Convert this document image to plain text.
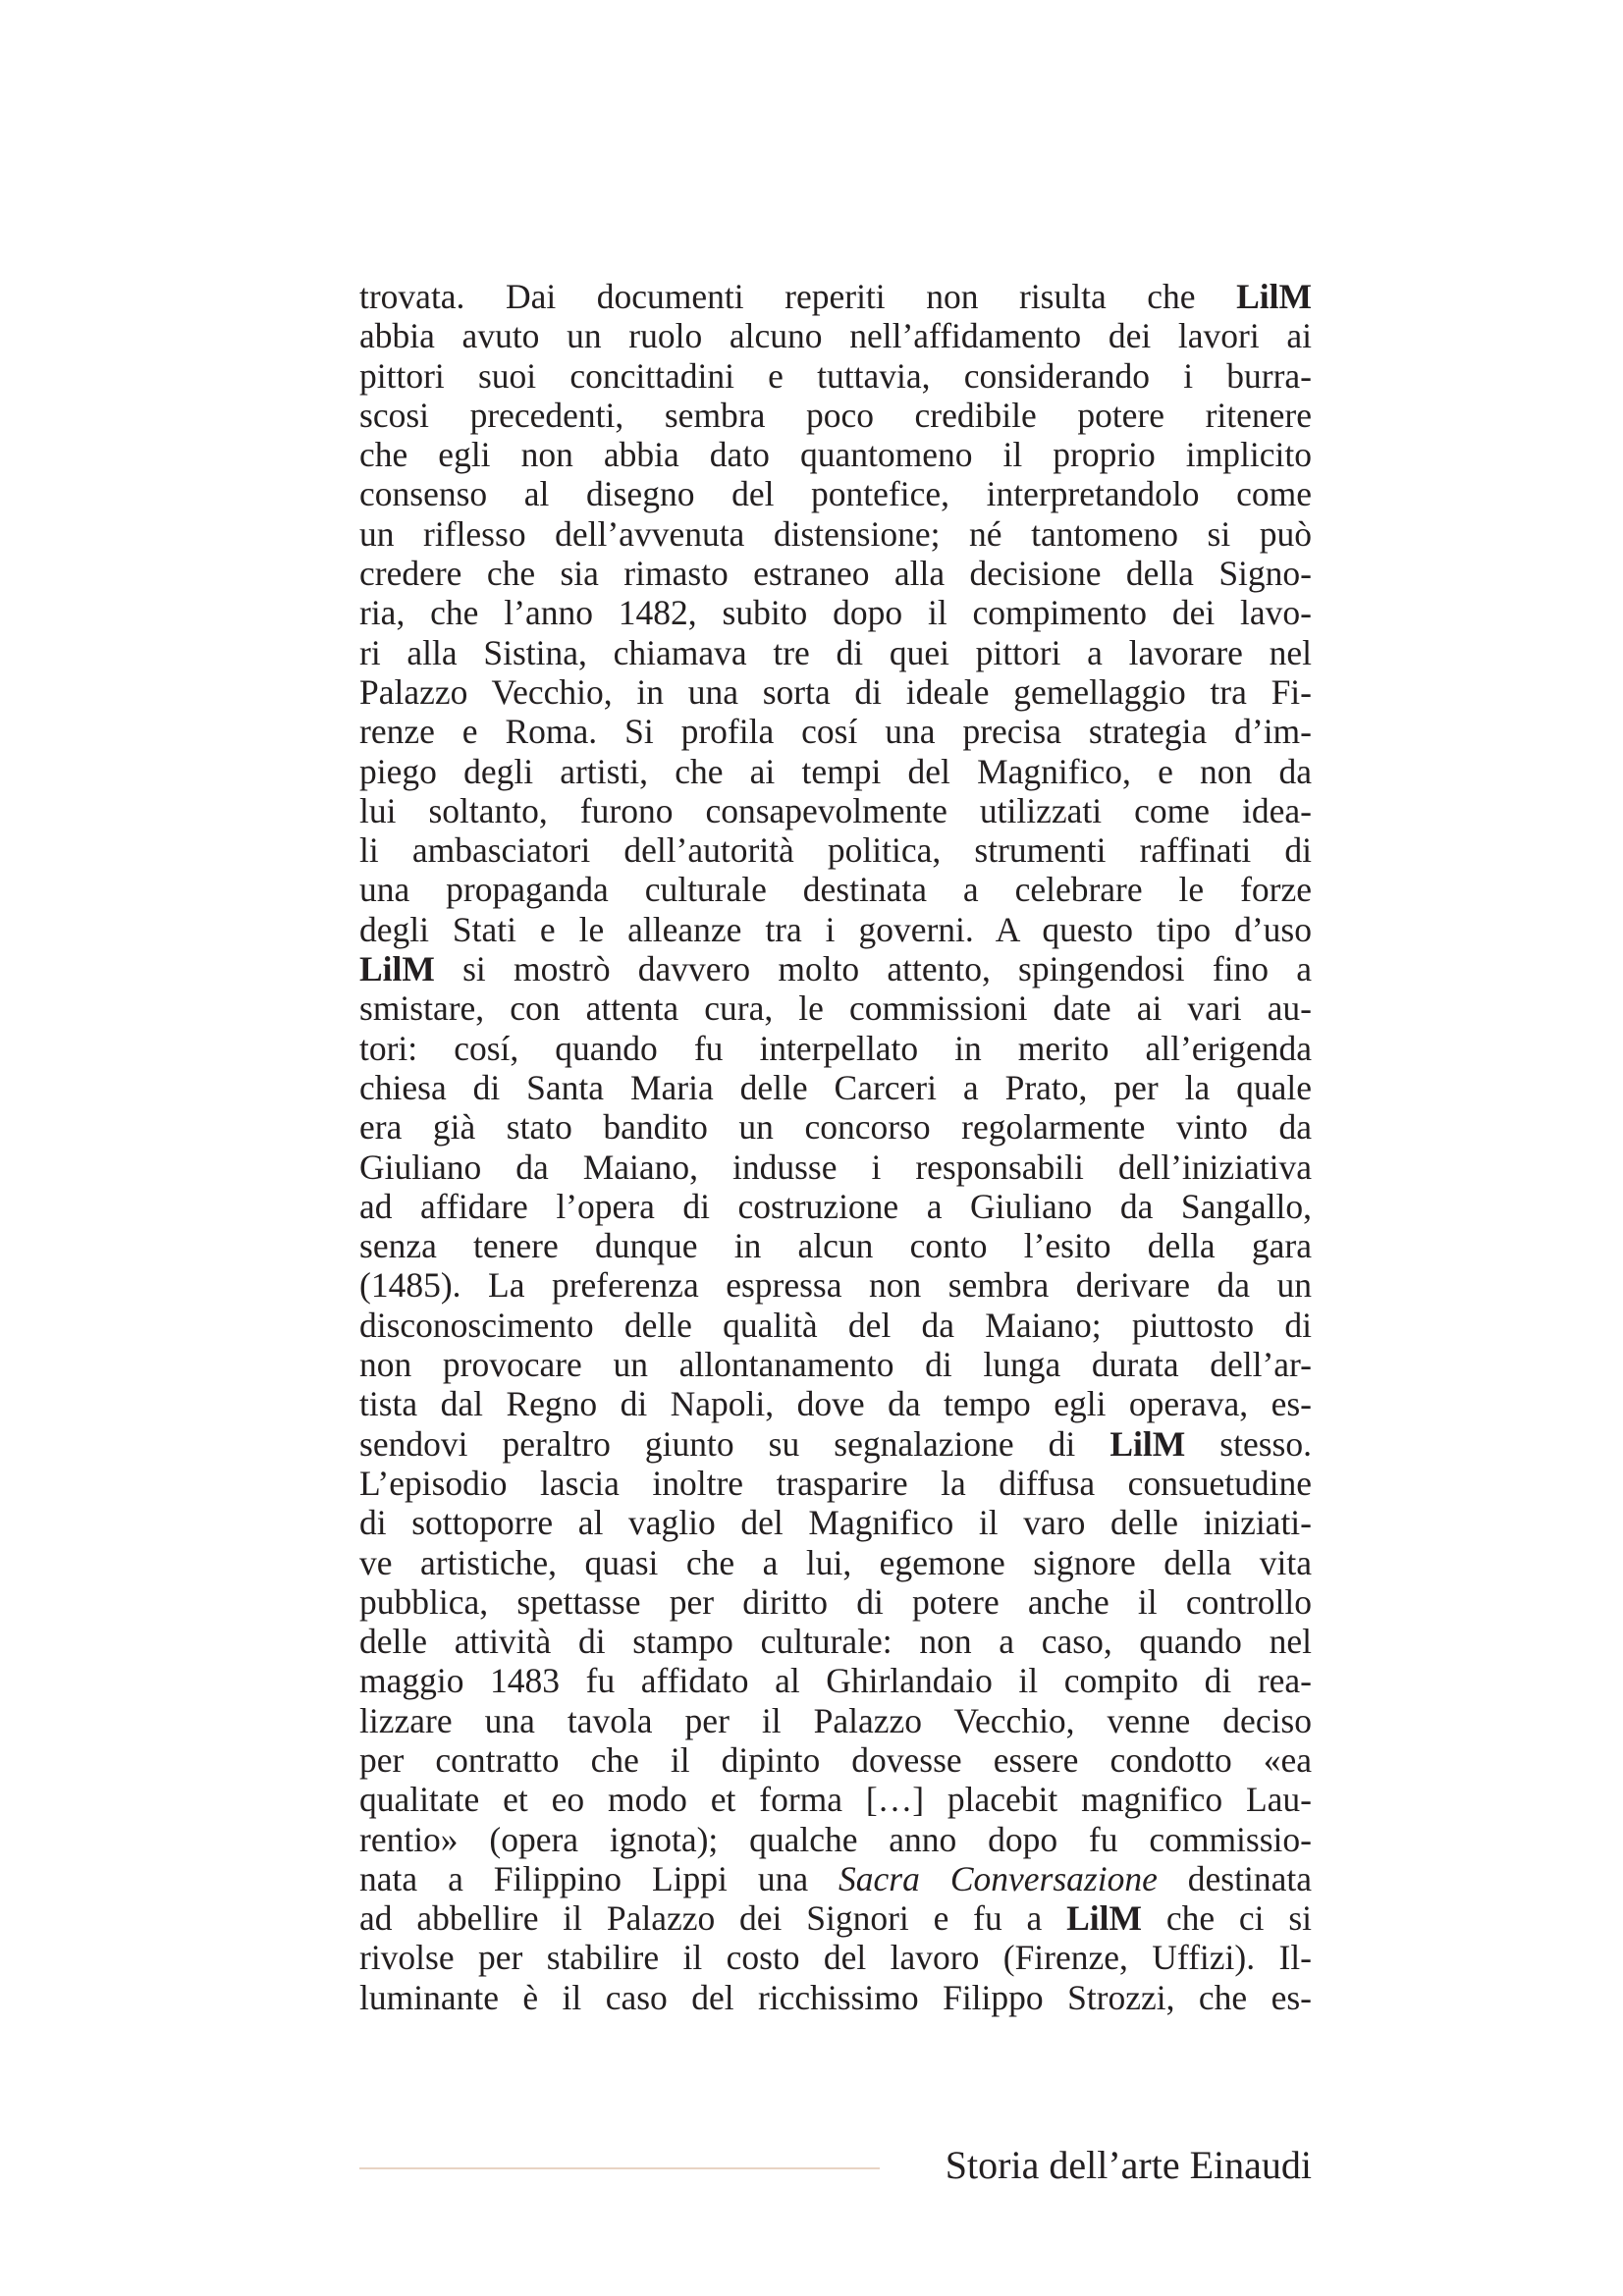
trovata. Dai documenti reperiti non risulta che LilM
abbia avuto un ruolo alcuno nell’affidamento dei lavori ai
pittori suoi concittadini e tuttavia, considerando i burra-
scosi precedenti, sembra poco credibile potere ritenere
che egli non abbia dato quantomeno il proprio implicito
consenso al disegno del pontefice, interpretandolo come
un riflesso dell’avvenuta distensione; né tantomeno si può
credere che sia rimasto estraneo alla decisione della Signo-
ria, che l’anno 1482, subito dopo il compimento dei lavo-
ri alla Sistina, chiamava tre di quei pittori a lavorare nel
Palazzo Vecchio, in una sorta di ideale gemellaggio tra Fi-
renze e Roma. Si profila cosí una precisa strategia d’im-
piego degli artisti, che ai tempi del Magnifico, e non da
lui soltanto, furono consapevolmente utilizzati come idea-
li ambasciatori dell’autorità politica, strumenti raffinati di
una propaganda culturale destinata a celebrare le forze
degli Stati e le alleanze tra i governi. A questo tipo d’uso
LilM si mostrò davvero molto attento, spingendosi fino a
smistare, con attenta cura, le commissioni date ai vari au-
tori: cosí, quando fu interpellato in merito all’erigenda
chiesa di Santa Maria delle Carceri a Prato, per la quale
era già stato bandito un concorso regolarmente vinto da
Giuliano da Maiano, indusse i responsabili dell’iniziativa
ad affidare l’opera di costruzione a Giuliano da Sangallo,
senza tenere dunque in alcun conto l’esito della gara
(1485). La preferenza espressa non sembra derivare da un
disconoscimento delle qualità del da Maiano; piuttosto di
non provocare un allontanamento di lunga durata dell’ar-
tista dal Regno di Napoli, dove da tempo egli operava, es-
sendovi peraltro giunto su segnalazione di LilM stesso.
L’episodio lascia inoltre trasparire la diffusa consuetudine
di sottoporre al vaglio del Magnifico il varo delle iniziati-
ve artistiche, quasi che a lui, egemone signore della vita
pubblica, spettasse per diritto di potere anche il controllo
delle attività di stampo culturale: non a caso, quando nel
maggio 1483 fu affidato al Ghirlandaio il compito di rea-
lizzare una tavola per il Palazzo Vecchio, venne deciso
per contratto che il dipinto dovesse essere condotto «ea
qualitate et eo modo et forma […] placebit magnifico Lau-
rentio» (opera ignota); qualche anno dopo fu commissio-
nata a Filippino Lippi una Sacra Conversazione destinata
ad abbellire il Palazzo dei Signori e fu a LilM che ci si
rivolse per stabilire il costo del lavoro (Firenze, Uffizi). Il-
luminante è il caso del ricchissimo Filippo Strozzi, che es-
Storia dell’arte Einaudi
